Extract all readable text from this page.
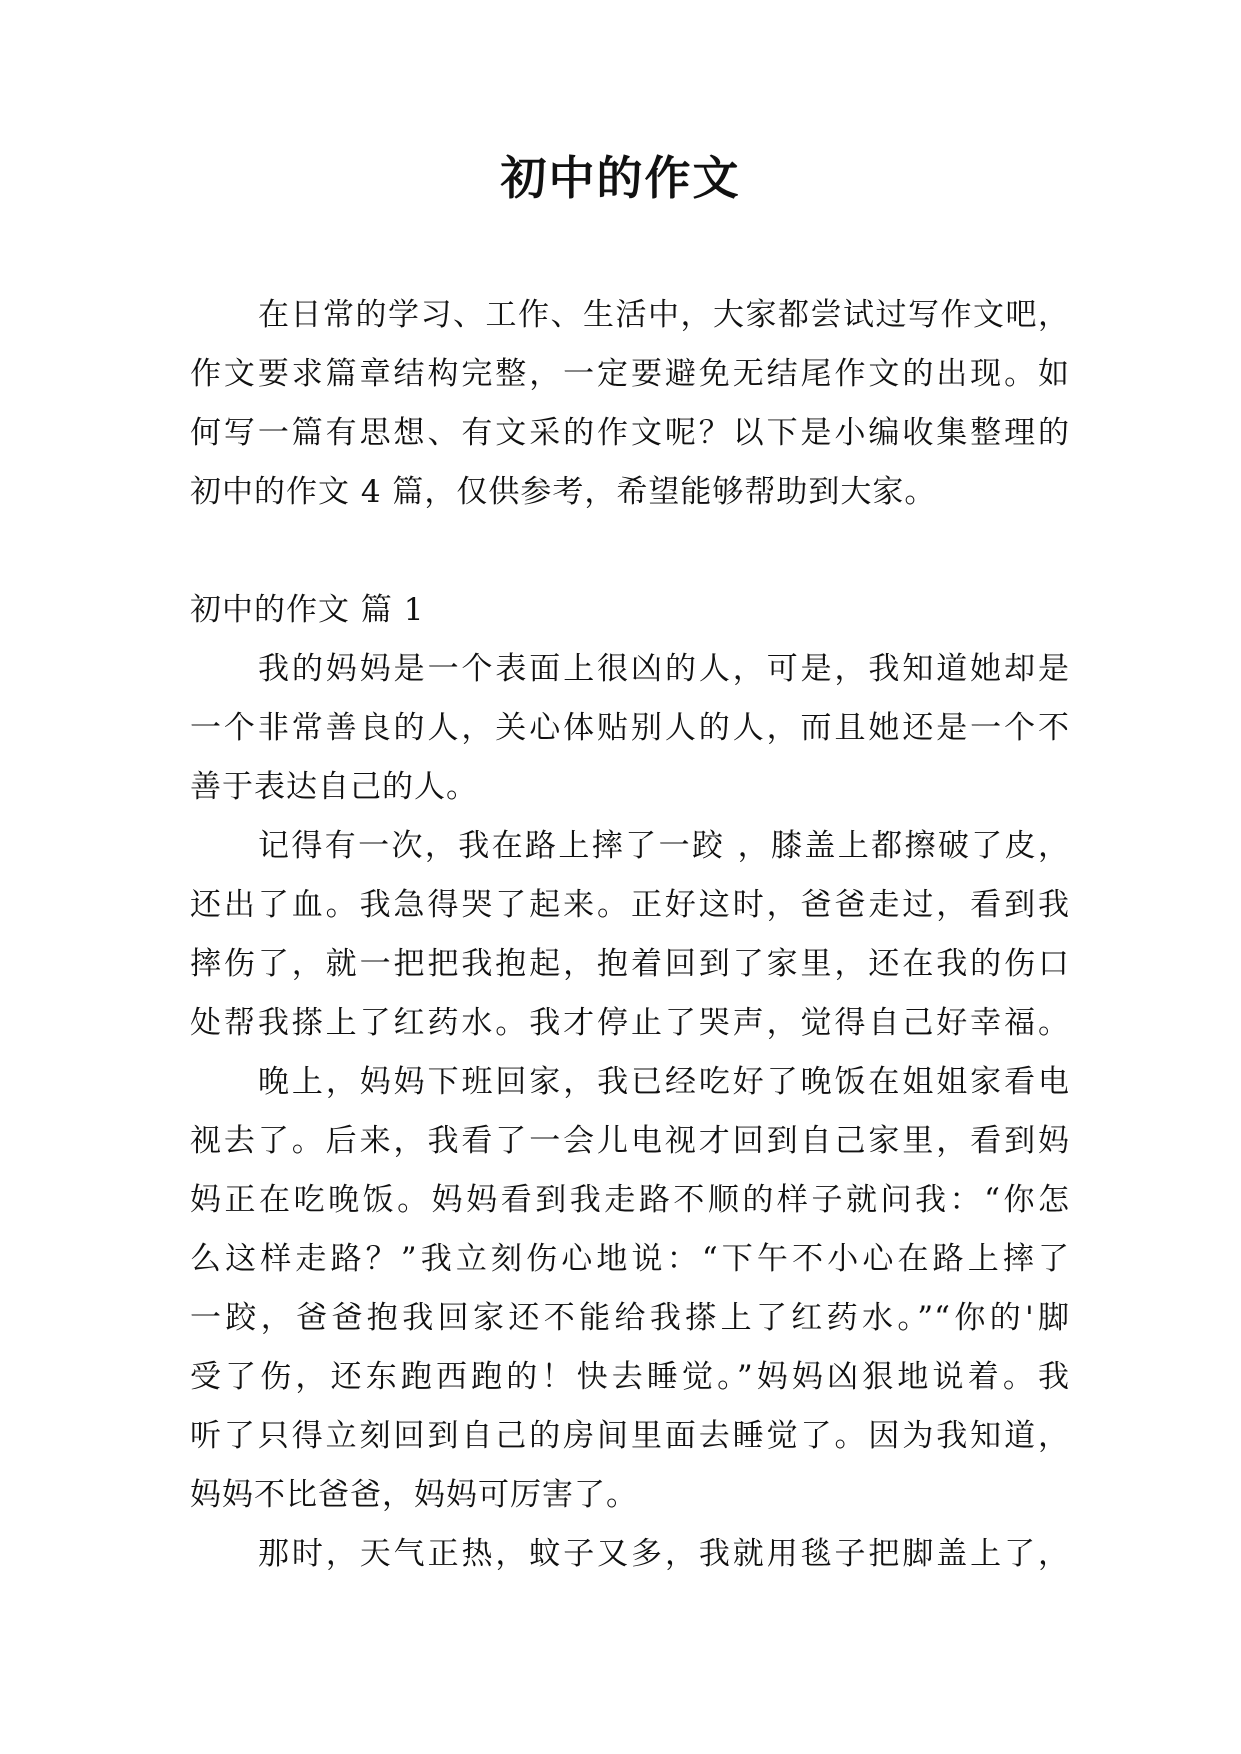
初中的作文
在日常的学习、工作、生活中，大家都尝试过写作文吧，
作文要求篇章结构完整，一定要避免无结尾作文的出现。如
何写一篇有思想、有文采的作文呢？以下是小编收集整理的
初中的作文 4 篇，仅供参考，希望能够帮助到大家。
初中的作文 篇 1
我的妈妈是一个表面上很凶的人，可是，我知道她却是
一个非常善良的人，关心体贴别人的人，而且她还是一个不
善于表达自己的人。
记得有一次，我在路上摔了一跤 ，膝盖上都擦破了皮，
还出了血。我急得哭了起来。正好这时，爸爸走过，看到我
摔伤了，就一把把我抱起，抱着回到了家里，还在我的伤口
处帮我搽上了红药水。我才停止了哭声，觉得自己好幸福。
晚上，妈妈下班回家，我已经吃好了晚饭在姐姐家看电
视去了。后来，我看了一会儿电视才回到自己家里，看到妈
妈正在吃晚饭。妈妈看到我走路不顺的样子就问我：“你怎
么这样走路？”我立刻伤心地说：“下午不小心在路上摔了
一跤，爸爸抱我回家还不能给我搽上了红药水。”“你的'脚
受了伤，还东跑西跑的！快去睡觉。”妈妈凶狠地说着。我
听了只得立刻回到自己的房间里面去睡觉了。因为我知道，
妈妈不比爸爸，妈妈可厉害了。
那时，天气正热，蚊子又多，我就用毯子把脚盖上了，
